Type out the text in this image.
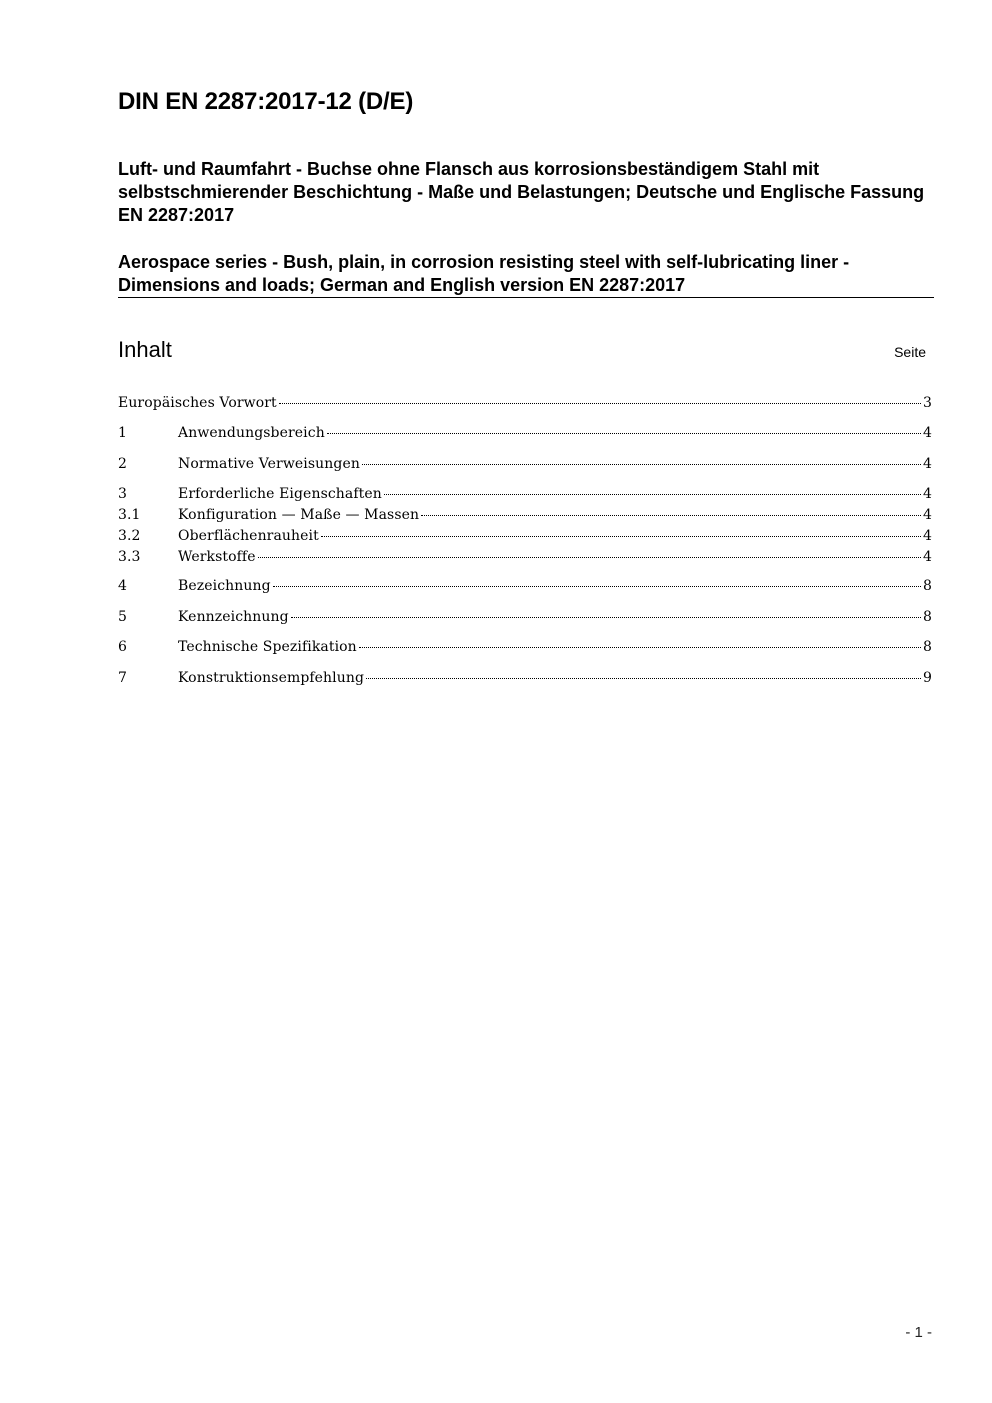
DIN EN 2287:2017-12 (D/E)
Luft- und Raumfahrt - Buchse ohne Flansch aus korrosionsbeständigem Stahl mit selbstschmierender Beschichtung - Maße und Belastungen; Deutsche und Englische Fassung EN 2287:2017
Aerospace series - Bush, plain, in corrosion resisting steel with self-lubricating liner - Dimensions and loads; German and English version EN 2287:2017
Inhalt	Seite
Europäisches Vorwort	3
1	Anwendungsbereich	4
2	Normative Verweisungen	4
3	Erforderliche Eigenschaften	4
3.1	Konfiguration — Maße — Massen	4
3.2	Oberflächenrauheit	4
3.3	Werkstoffe	4
4	Bezeichnung	8
5	Kennzeichnung	8
6	Technische Spezifikation	8
7	Konstruktionsempfehlung	9
- 1 -
